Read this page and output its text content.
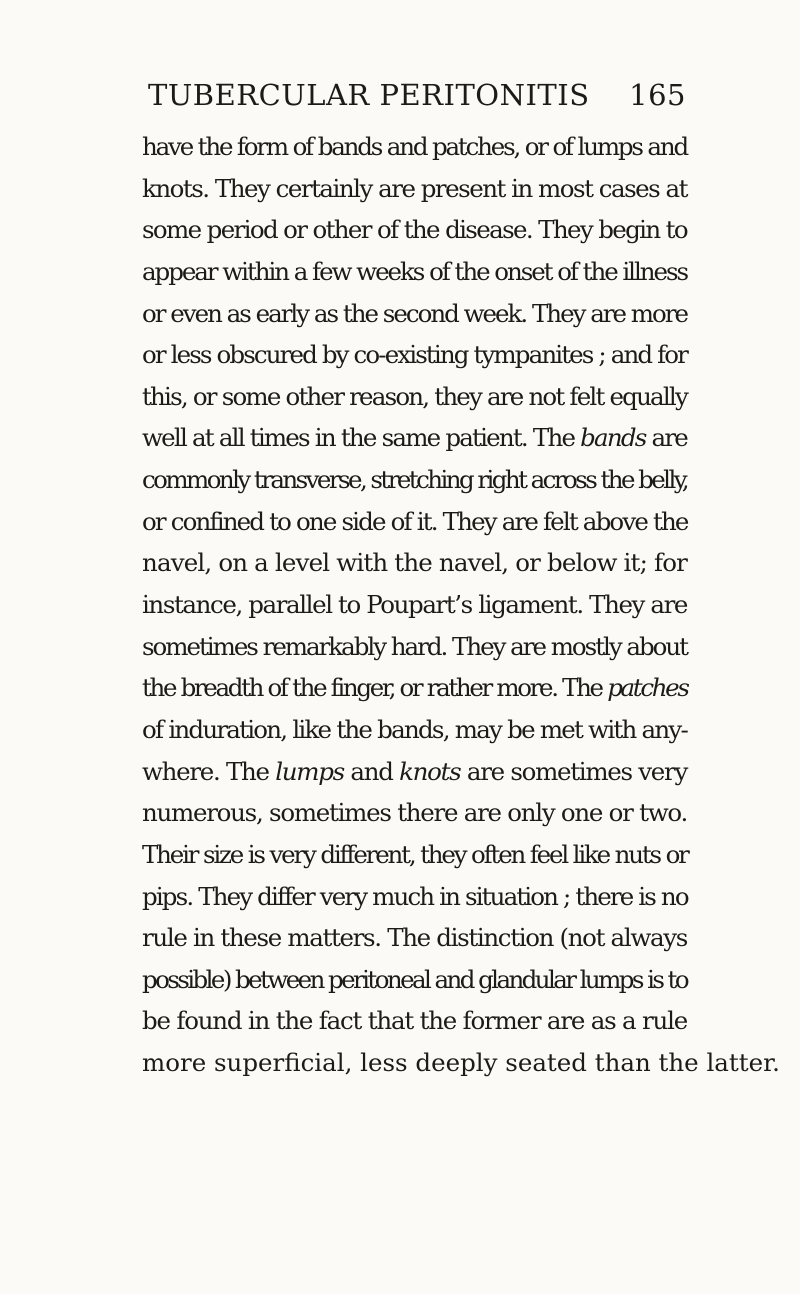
TUBERCULAR PERITONITIS 165
have the form of bands and patches, or of lumps and
knots. They certainly are present in most cases at
some period or other of the disease. They begin to
appear within a few weeks of the onset of the illness
or even as early as the second week. They are more
or less obscured by co-existing tympanites ; and for
this, or some other reason, they are not felt equally
well at all times in the same patient. The bands are
commonly transverse, stretching right across the belly,
or confined to one side of it. They are felt above the
navel, on a level with the navel, or below it; for
instance, parallel to Poupart’s ligament. They are
sometimes remarkably hard. They are mostly about
the breadth of the finger, or rather more. The patches
of induration, like the bands, may be met with any-
where. The lumps and knots are sometimes very
numerous, sometimes there are only one or two.
Their size is very different, they often feel like nuts or
pips. They differ very much in situation ; there is no
rule in these matters. The distinction (not always
possible) between peritoneal and glandular lumps is to
be found in the fact that the former are as a rule
more superficial, less deeply seated than the latter.
